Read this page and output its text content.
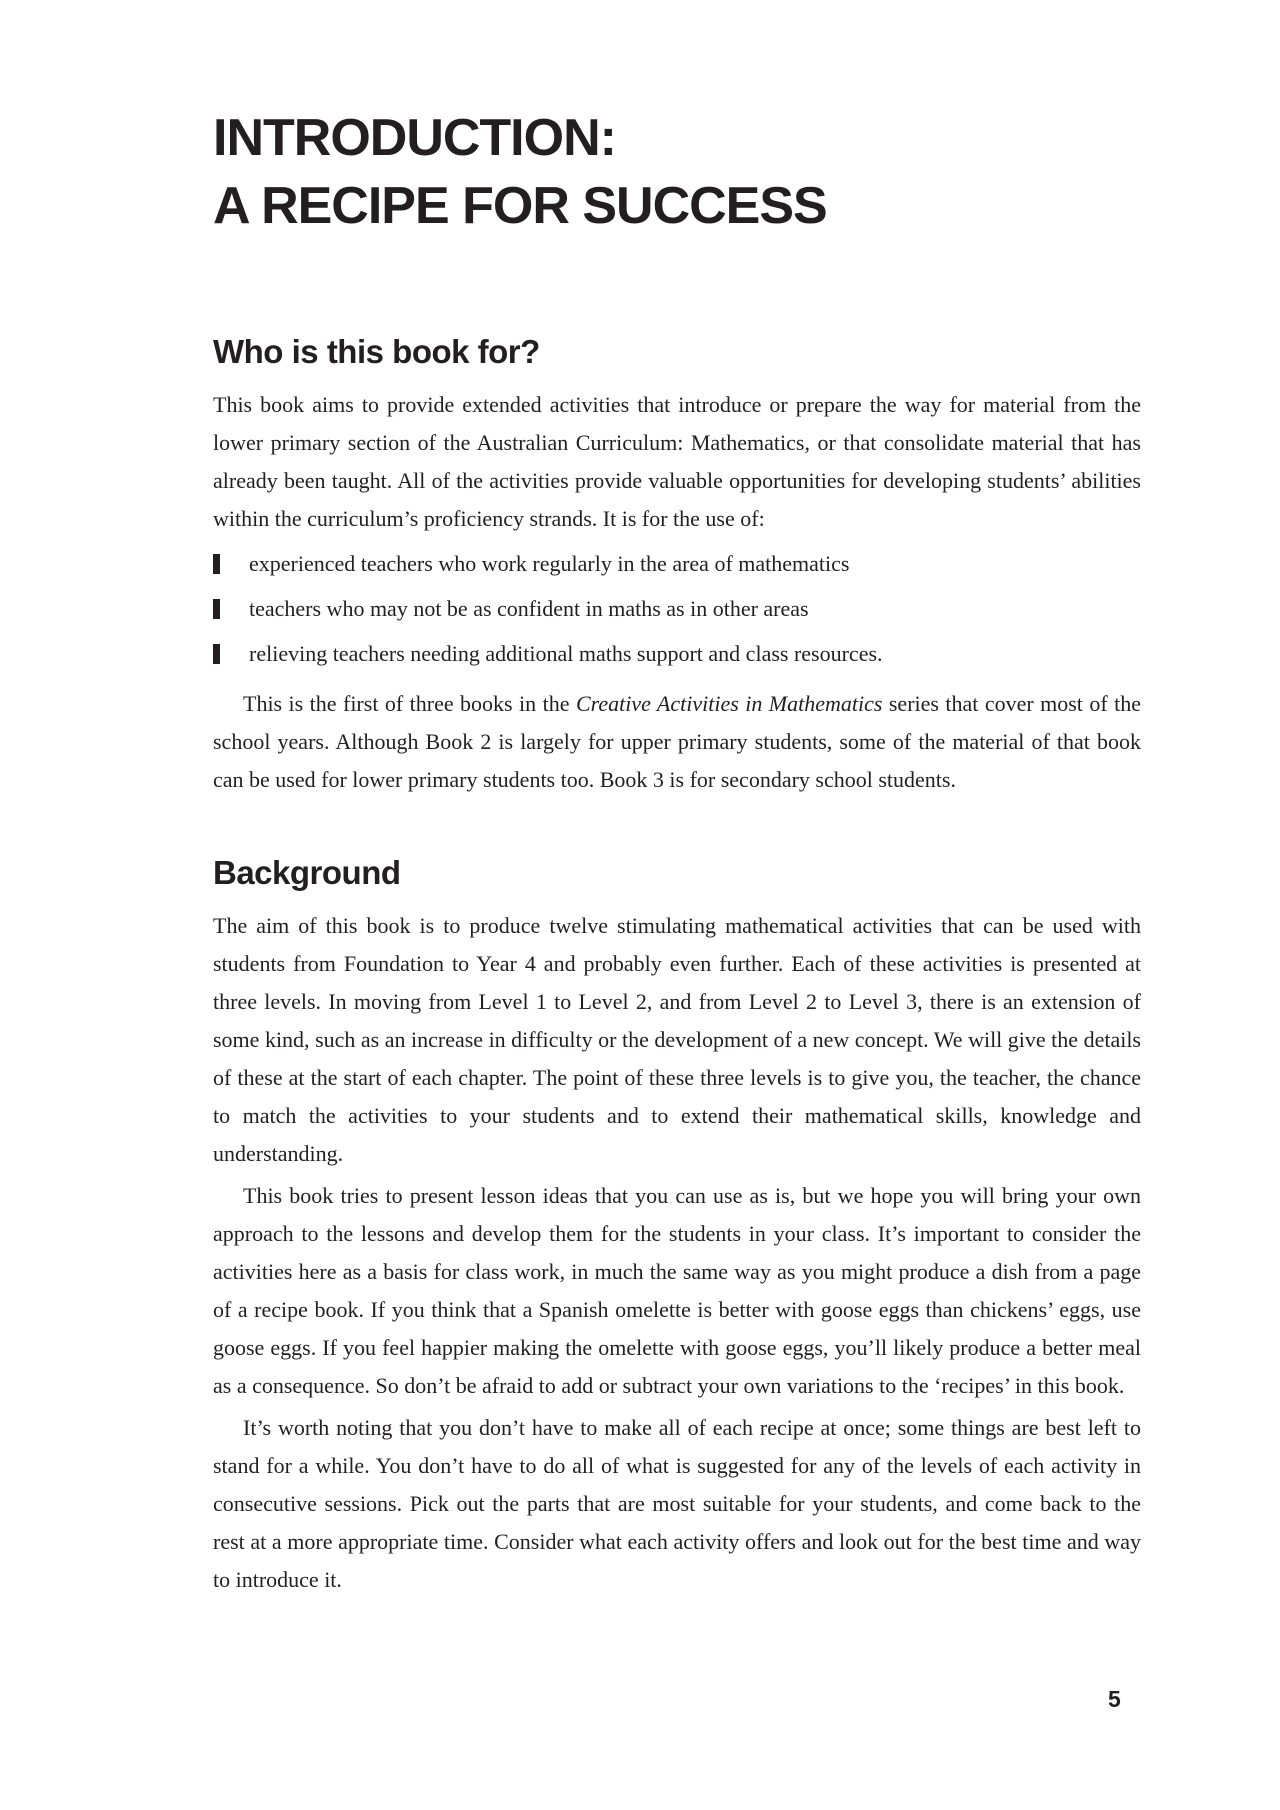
INTRODUCTION:
A RECIPE FOR SUCCESS
Who is this book for?

This book aims to provide extended activities that introduce or prepare the way for material from the lower primary section of the Australian Curriculum: Mathematics, or that consolidate material that has already been taught. All of the activities provide valuable opportunities for developing students’ abilities within the curriculum’s proficiency strands. It is for the use of:

experienced teachers who work regularly in the area of mathematics
teachers who may not be as confident in maths as in other areas
relieving teachers needing additional maths support and class resources.

This is the first of three books in the Creative Activities in Mathematics series that cover most of the school years. Although Book 2 is largely for upper primary students, some of the material of that book can be used for lower primary students too. Book 3 is for secondary school students.

Background

The aim of this book is to produce twelve stimulating mathematical activities that can be used with students from Foundation to Year 4 and probably even further. Each of these activities is presented at three levels. In moving from Level 1 to Level 2, and from Level 2 to Level 3, there is an extension of some kind, such as an increase in difficulty or the development of a new concept. We will give the details of these at the start of each chapter. The point of these three levels is to give you, the teacher, the chance to match the activities to your students and to extend their mathematical skills, knowledge and understanding.

This book tries to present lesson ideas that you can use as is, but we hope you will bring your own approach to the lessons and develop them for the students in your class. It’s important to consider the activities here as a basis for class work, in much the same way as you might produce a dish from a page of a recipe book. If you think that a Spanish omelette is better with goose eggs than chickens’ eggs, use goose eggs. If you feel happier making the omelette with goose eggs, you’ll likely produce a better meal as a consequence. So don’t be afraid to add or subtract your own variations to the ‘recipes’ in this book.

It’s worth noting that you don’t have to make all of each recipe at once; some things are best left to stand for a while. You don’t have to do all of what is suggested for any of the levels of each activity in consecutive sessions. Pick out the parts that are most suitable for your students, and come back to the rest at a more appropriate time. Consider what each activity offers and look out for the best time and way to introduce it.

5
